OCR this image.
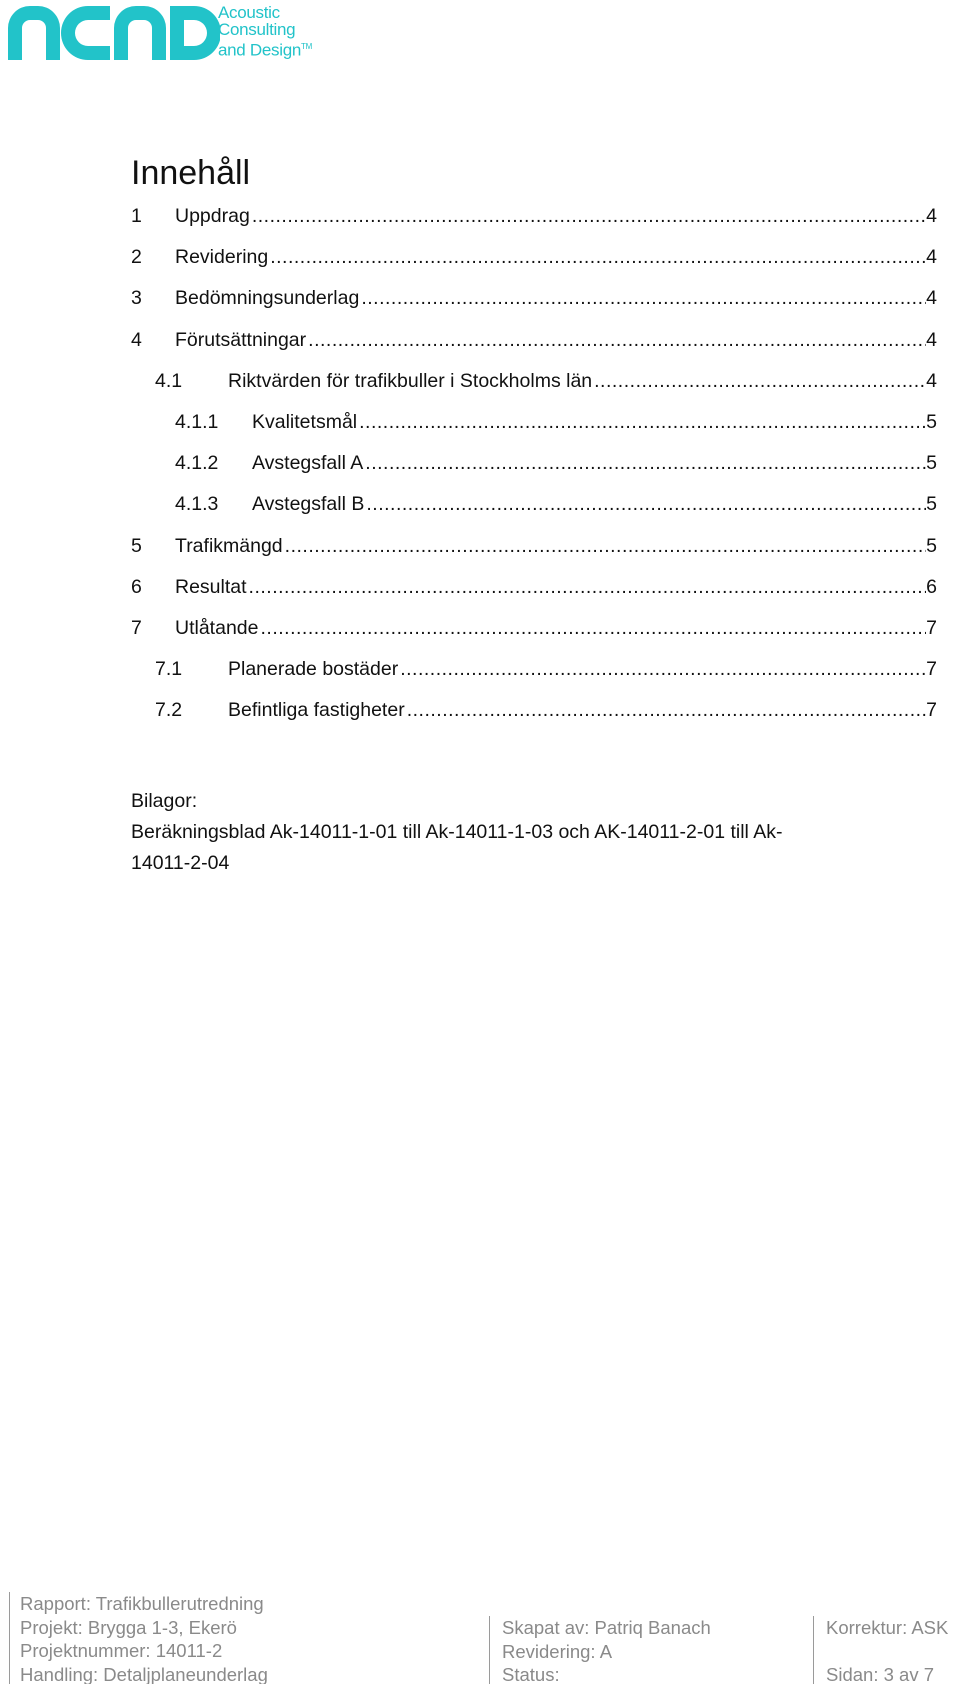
Acoustic
Consulting
and Design™
Innehåll
1	Uppdrag .....	4
2	Revidering .....	4
3	Bedömningsunderlag .....	4
4	Förutsättningar .....	4
4.1	Riktvärden för trafikbuller i Stockholms län .....	4
4.1.1	Kvalitetsmål .....	5
4.1.2	Avstegsfall A .....	5
4.1.3	Avstegsfall B .....	5
5	Trafikmängd .....	5
6	Resultat .....	6
7	Utlåtande .....	7
7.1	Planerade bostäder .....	7
7.2	Befintliga fastigheter .....	7

Bilagor:

Beräkningsblad Ak-14011-1-01 till Ak-14011-1-03 och AK-14011-2-01 till Ak-

14011-2-04

Rapport: Trafikbullerutredning
Projekt: Brygga 1-3, Ekerö
Projektnummer: 14011-2
Handling: Detaljplaneunderlag
Skapat av: Patriq Banach
Revidering: A
Status:
Korrektur: ASK

Sidan: 3 av 7
